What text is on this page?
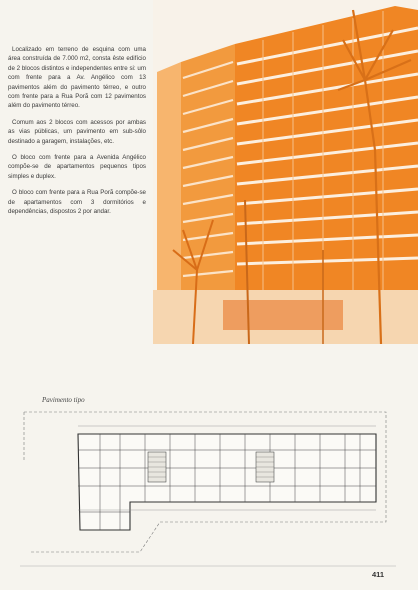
Localizado em terreno de esquina com uma área construída de 7.000 m2, consta êste edifício de 2 blocos distintos e independentes entre si: um com frente para a Av. Angélico com 13 pavimentos além do pavimento térreo, e outro com frente para a Rua Porã com 12 pavimentos além do pavimento térreo.

Comum aos 2 blocos com acessos por ambas as vias públicas, um pavimento em sub-sôlo destinado a garagem, instalações, etc.

O bloco com frente para a Avenida Angélico compõe-se de apartamentos pequenos tipos simples e duplex.

O bloco com frente para a Rua Porã compõe-se de apartamentos com 3 dormitórios e dependências, dispostos 2 por andar.

Pavimento tipo
411
